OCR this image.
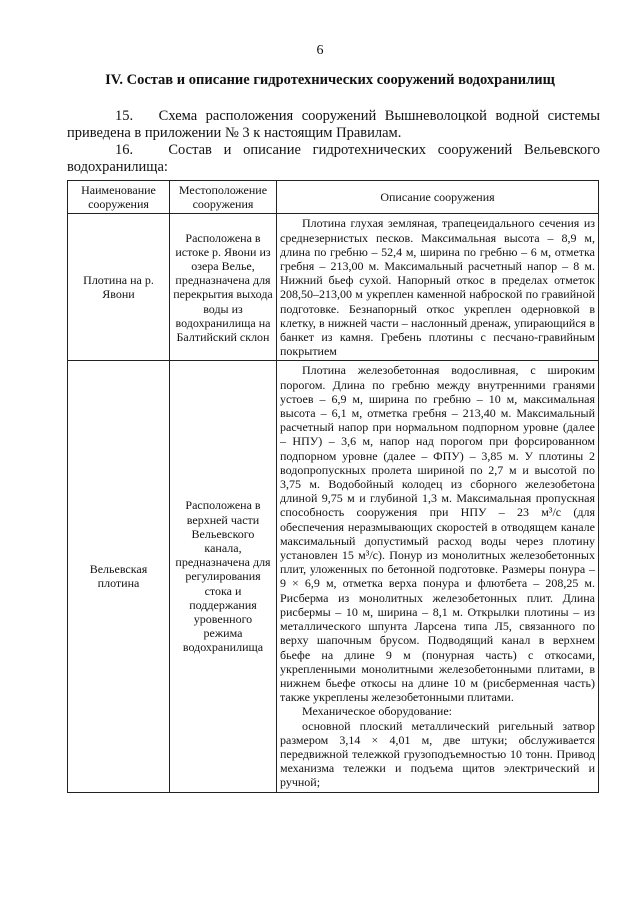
6
IV. Состав и описание гидротехнических сооружений водохранилищ
15. Схема расположения сооружений Вышневолоцкой водной системы приведена в приложении № 3 к настоящим Правилам.
16. Состав и описание гидротехнических сооружений Вельевского водохранилища:
Наименование сооружения	Местоположение сооружения	Описание сооружения
Плотина на р. Явони	Расположена в истоке р. Явони из озера Велье, предназначена для перекрытия выхода воды из водохранилища на Балтийский склон	Плотина глухая земляная, трапецеидального сечения из среднезернистых песков. Максимальная высота – 8,9 м, длина по гребню – 52,4 м, ширина по гребню – 6 м, отметка гребня – 213,00 м. Максимальный расчетный напор – 8 м. Нижний бьеф сухой. Напорный откос в пределах отметок 208,50–213,00 м укреплен каменной наброской по гравийной подготовке. Безнапорный откос укреплен одерновкой в клетку, в нижней части – наслонный дренаж, упирающийся в банкет из камня. Гребень плотины с песчано-гравийным покрытием

Вельевская плотина	Расположена в верхней части Вельевского канала, предназначена для регулирования стока и поддержания уровенного режима водохранилища	Плотина железобетонная водосливная, с широким порогом. Длина по гребню между внутренними гранями устоев – 6,9 м, ширина по гребню – 10 м, максимальная высота – 6,1 м, отметка гребня – 213,40 м. Максимальный расчетный напор при нормальном подпорном уровне (далее – НПУ) – 3,6 м, напор над порогом при форсированном подпорном уровне (далее – ФПУ) – 3,85 м. У плотины 2 водопропускных пролета шириной по 2,7 м и высотой по 3,75 м. Водобойный колодец из сборного железобетона длиной 9,75 м и глубиной 1,3 м. Максимальная пропускная способность сооружения при НПУ – 23 м³/с (для обеспечения неразмывающих скоростей в отводящем канале максимальный допустимый расход воды через плотину установлен 15 м³/с). Понур из монолитных железобетонных плит, уложенных по бетонной подготовке. Размеры понура – 9 × 6,9 м, отметка верха понура и флютбета – 208,25 м. Рисберма из монолитных железобетонных плит. Длина рисбермы – 10 м, ширина – 8,1 м. Открылки плотины – из металлического шпунта Ларсена типа Л5, связанного по верху шапочным брусом. Подводящий канал в верхнем бьефе на длине 9 м (понурная часть) с откосами, укрепленными монолитными железобетонными плитами, в нижнем бьефе откосы на длине 10 м (рисберменная часть) также укреплены железобетонными плитами.

Механическое оборудование:

основной плоский металлический ригельный затвор размером 3,14 × 4,01 м, две штуки; обслуживается передвижной тележкой грузоподъемностью 10 тонн. Привод механизма тележки и подъема щитов электрический и ручной;
